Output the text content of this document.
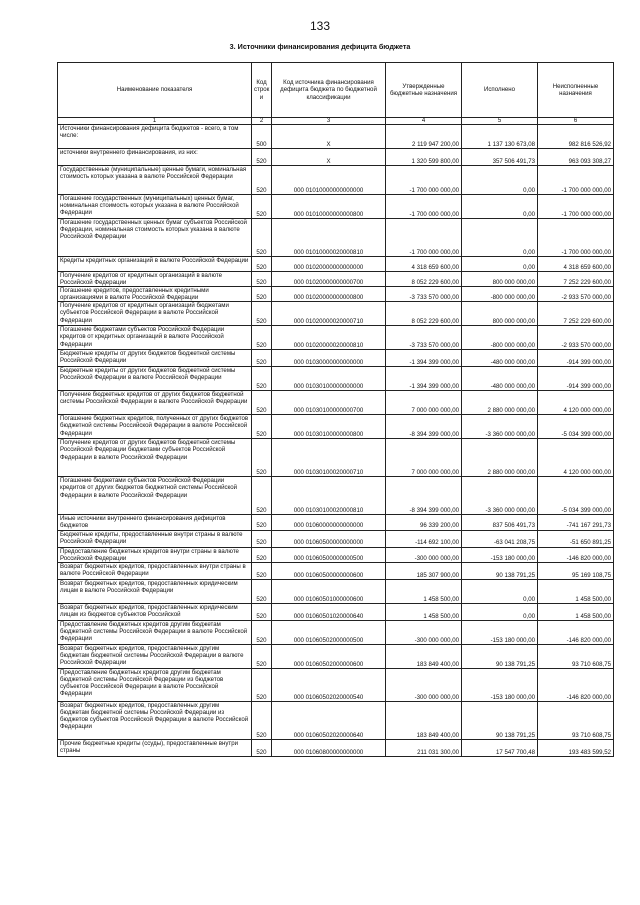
133
3. Источники финансирования дефицита бюджета
Наименование показателя	Код строк и	Код источника финансирования дефицита бюджета по бюджетной классификации	Утвержденные бюджетные назначения	Исполнено	Неисполненные назначения
1	2	3	4	5	6
Источники финансирования дефицита бюджетов - всего, в том числе:	500	X	2 119 947 200,00	1 137 130 673,08	982 816 526,92
источники внутреннего финансирования, из них:	520	X	1 320 599 800,00	357 506 491,73	963 093 308,27
Государственные (муниципальные) ценные бумаги, номинальная стоимость которых указана в валюте Российской Федерации	520	000 01010000000000000	-1 700 000 000,00	0,00	-1 700 000 000,00
Погашение государственных (муниципальных) ценных бумаг, номинальная стоимость которых указана в валюте Российской Федерации	520	000 01010000000000800	-1 700 000 000,00	0,00	-1 700 000 000,00
Погашение государственных ценных бумаг субъектов Российской Федерации, номинальная стоимость которых указана в валюте Российской Федерации	520	000 01010000020000810	-1 700 000 000,00	0,00	-1 700 000 000,00
Кредиты кредитных организаций в валюте Российской Федерации	520	000 01020000000000000	4 318 659 600,00	0,00	4 318 659 600,00
Получение кредитов от кредитных организаций в валюте Российской Федерации	520	000 01020000000000700	8 052 229 600,00	800 000 000,00	7 252 229 600,00
Погашение кредитов, предоставленных кредитными организациями в валюте Российской Федерации	520	000 01020000000000800	-3 733 570 000,00	-800 000 000,00	-2 933 570 000,00
Получение кредитов от кредитных организаций бюджетами субъектов Российской Федерации в валюте Российской Федерации	520	000 01020000020000710	8 052 229 600,00	800 000 000,00	7 252 229 600,00
Погашение бюджетами субъектов Российской Федерации кредитов от кредитных организаций в валюте Российской Федерации	520	000 01020000020000810	-3 733 570 000,00	-800 000 000,00	-2 933 570 000,00
Бюджетные кредиты от других бюджетов бюджетной системы Российской Федерации	520	000 01030000000000000	-1 394 399 000,00	-480 000 000,00	-914 399 000,00
Бюджетные кредиты от других бюджетов бюджетной системы Российской Федерации в валюте Российской Федерации	520	000 01030100000000000	-1 394 399 000,00	-480 000 000,00	-914 399 000,00
Получение бюджетных кредитов от других бюджетов бюджетной системы Российской Федерации в валюте Российской Федерации	520	000 01030100000000700	7 000 000 000,00	2 880 000 000,00	4 120 000 000,00
Погашение бюджетных кредитов, полученных от других бюджетов бюджетной системы Российской Федерации в валюте Российской Федерации	520	000 01030100000000800	-8 394 399 000,00	-3 360 000 000,00	-5 034 399 000,00
Получение кредитов от других бюджетов бюджетной системы Российской Федерации бюджетами субъектов Российской Федерации в валюте Российской Федерации	520	000 01030100020000710	7 000 000 000,00	2 880 000 000,00	4 120 000 000,00
Погашение бюджетами субъектов Российской Федерации кредитов от других бюджетов бюджетной системы Российской Федерации в валюте Российской Федерации	520	000 01030100020000810	-8 394 399 000,00	-3 360 000 000,00	-5 034 399 000,00
Иные источники внутреннего финансирования дефицитов бюджетов	520	000 01060000000000000	96 339 200,00	837 506 491,73	-741 167 291,73
Бюджетные кредиты, предоставленные внутри страны в валюте Российской Федерации	520	000 01060500000000000	-114 692 100,00	-63 041 208,75	-51 650 891,25
Предоставление бюджетных кредитов внутри страны в валюте Российской Федерации	520	000 01060500000000500	-300 000 000,00	-153 180 000,00	-146 820 000,00
Возврат бюджетных кредитов, предоставленных внутри страны в валюте Российской Федерации	520	000 01060500000000600	185 307 900,00	90 138 791,25	95 169 108,75
Возврат бюджетных кредитов, предоставленных юридическим лицам в валюте Российской Федерации	520	000 01060501000000600	1 458 500,00	0,00	1 458 500,00
Возврат бюджетных кредитов, предоставленных юридическим лицам из бюджетов субъектов Российской	520	000 01060501020000640	1 458 500,00	0,00	1 458 500,00
Предоставление бюджетных кредитов другим бюджетам бюджетной системы Российской Федерации в валюте Российской Федерации	520	000 01060502000000500	-300 000 000,00	-153 180 000,00	-146 820 000,00
Возврат бюджетных кредитов, предоставленных другим бюджетам бюджетной системы Российской Федерации в валюте Российской Федерации	520	000 01060502000000600	183 849 400,00	90 138 791,25	93 710 608,75
Предоставление бюджетных кредитов другим бюджетам бюджетной системы Российской Федерации из бюджетов субъектов Российской Федерации в валюте Российской Федерации	520	000 01060502020000540	-300 000 000,00	-153 180 000,00	-146 820 000,00
Возврат бюджетных кредитов, предоставленных другим бюджетам бюджетной системы Российской Федерации из бюджетов субъектов Российской Федерации в валюте Российской Федерации	520	000 01060502020000640	183 849 400,00	90 138 791,25	93 710 608,75
Прочие бюджетные кредиты (ссуды), предоставленные внутри страны	520	000 01060800000000000	211 031 300,00	17 547 700,48	193 483 599,52
